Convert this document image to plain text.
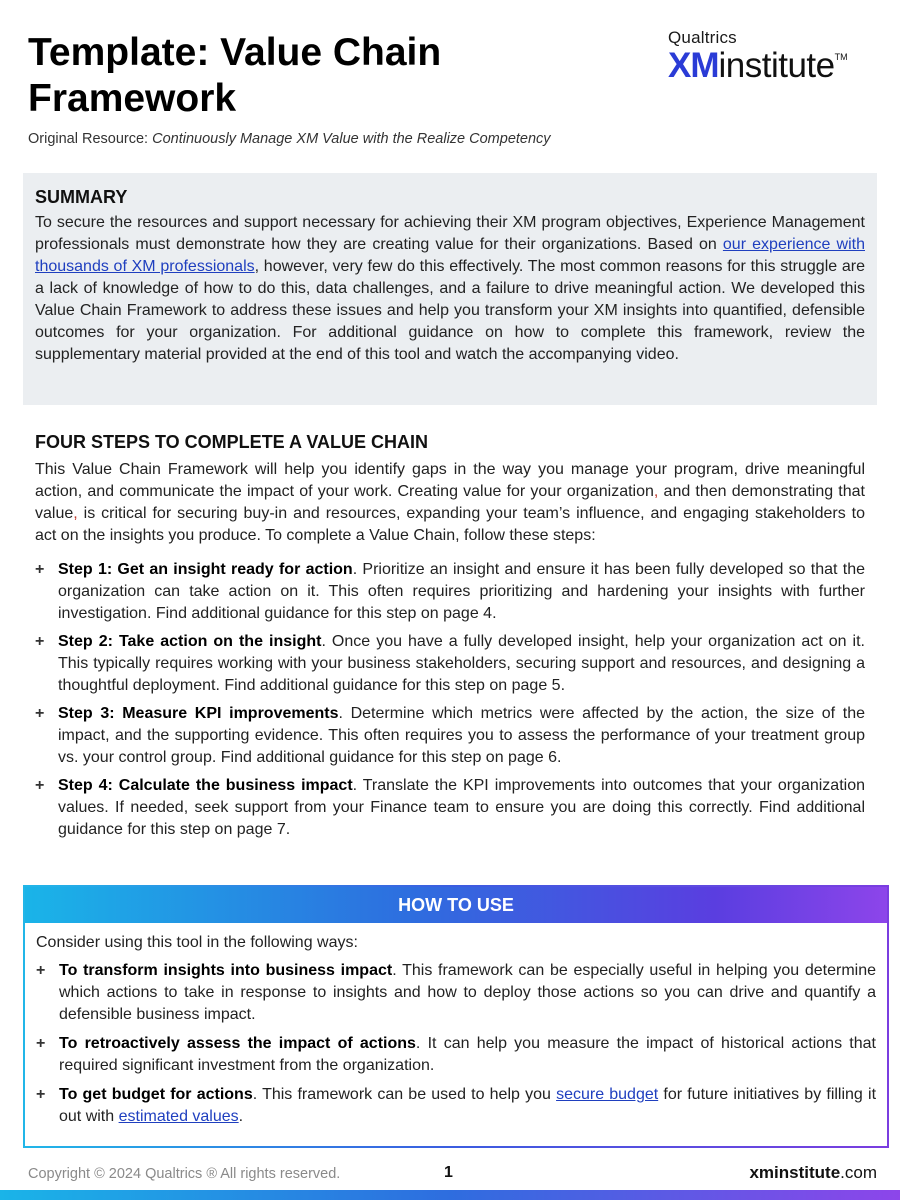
Template: Value Chain Framework
Original Resource: Continuously Manage XM Value with the Realize Competency
Qualtrics
XMinstitute™
SUMMARY

To secure the resources and support necessary for achieving their XM program objectives, Experience Management professionals must demonstrate how they are creating value for their organizations. Based on our experience with thousands of XM professionals, however, very few do this effectively. The most common reasons for this struggle are a lack of knowledge of how to do this, data challenges, and a failure to drive meaningful action. We developed this Value Chain Framework to address these issues and help you transform your XM insights into quantified, defensible outcomes for your organization. For additional guidance on how to complete this framework, review the supplementary material provided at the end of this tool and watch the accompanying video.

FOUR STEPS TO COMPLETE A VALUE CHAIN

This Value Chain Framework will help you identify gaps in the way you manage your program, drive meaningful action, and communicate the impact of your work. Creating value for your organization, and then demonstrating that value, is critical for securing buy-in and resources, expanding your team’s influence, and engaging stakeholders to act on the insights you produce. To complete a Value Chain, follow these steps:

+ Step 1: Get an insight ready for action. Prioritize an insight and ensure it has been fully developed so that the organization can take action on it. This often requires prioritizing and hardening your insights with further investigation. Find additional guidance for this step on page 4.
+ Step 2: Take action on the insight. Once you have a fully developed insight, help your organization act on it. This typically requires working with your business stakeholders, securing support and resources, and designing a thoughtful deployment. Find additional guidance for this step on page 5.
+ Step 3: Measure KPI improvements. Determine which metrics were affected by the action, the size of the impact, and the supporting evidence. This often requires you to assess the performance of your treatment group vs. your control group. Find additional guidance for this step on page 6.
+ Step 4: Calculate the business impact. Translate the KPI improvements into outcomes that your organization values. If needed, seek support from your Finance team to ensure you are doing this correctly. Find additional guidance for this step on page 7.
HOW TO USE
Consider using this tool in the following ways:
+ To transform insights into business impact. This framework can be especially useful in helping you determine which actions to take in response to insights and how to deploy those actions so you can drive and quantify a defensible business impact.
+ To retroactively assess the impact of actions. It can help you measure the impact of historical actions that required significant investment from the organization.
+ To get budget for actions. This framework can be used to help you secure budget for future initiatives by filling it out with estimated values.
Copyright © 2024 Qualtrics ® All rights reserved.	1	xminstitute.com
